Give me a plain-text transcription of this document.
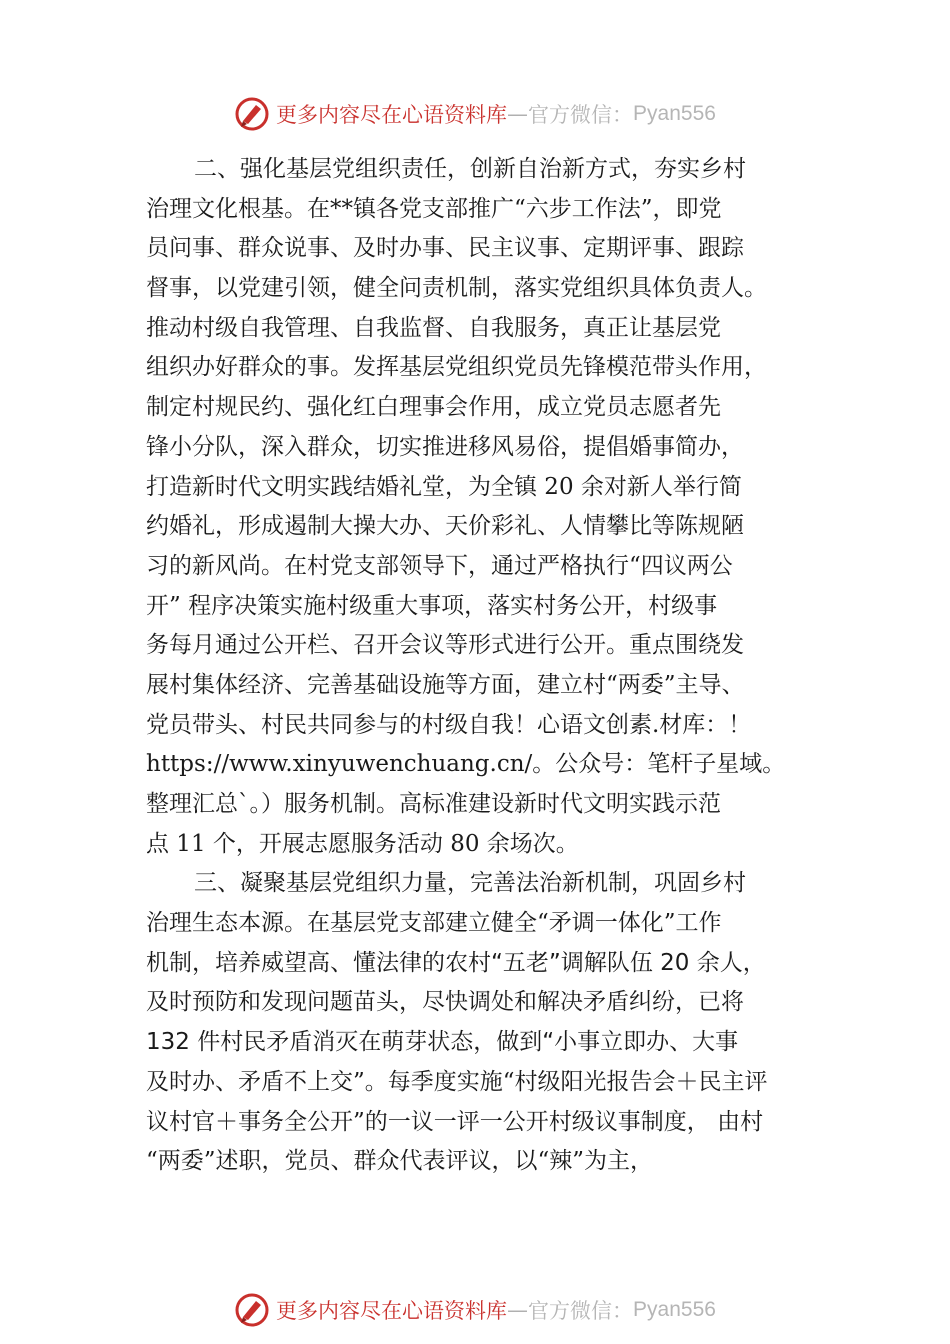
更多内容尽在心语资料库 — 官方微信： Pyan556
二、强化基层党组织责任，创新自治新方式，夯实乡村
治理文化根基。在**镇各党支部推广“六步工作法”，即党
员问事、群众说事、及时办事、民主议事、定期评事、跟踪
督事，以党建引领，健全问责机制，落实党组织具体负责人。
推动村级自我管理、自我监督、自我服务，真正让基层党
组织办好群众的事。发挥基层党组织党员先锋模范带头作用，
制定村规民约、强化红白理事会作用，成立党员志愿者先
锋小分队，深入群众，切实推进移风易俗，提倡婚事简办，
打造新时代文明实践结婚礼堂，为全镇 20 余对新人举行简
约婚礼，形成遏制大操大办、天价彩礼、人情攀比等陈规陋
习的新风尚。在村党支部领导下，通过严格执行“四议两公
开” 程序决策实施村级重大事项，落实村务公开，村级事
务每月通过公开栏、召开会议等形式进行公开。重点围绕发
展村集体经济、完善基础设施等方面，建立村“两委”主导、
党员带头、村民共同参与的村级自我！心语文创素.材库：！
https://www.xinyuwenchuang.cn/。公众号：笔杆子星域。
整理汇总`。）服务机制。高标准建设新时代文明实践示范
点 11 个，开展志愿服务活动 80 余场次。
三、凝聚基层党组织力量，完善法治新机制，巩固乡村
治理生态本源。在基层党支部建立健全“矛调一体化”工作
机制，培养威望高、懂法律的农村“五老”调解队伍 20 余人，
及时预防和发现问题苗头，尽快调处和解决矛盾纠纷，已将
132 件村民矛盾消灭在萌芽状态，做到“小事立即办、大事
及时办、矛盾不上交”。每季度实施“村级阳光报告会＋民主评
议村官＋事务全公开”的一议一评一公开村级议事制度， 由村
“两委”述职，党员、群众代表评议，以“辣”为主，
更多内容尽在心语资料库 — 官方微信： Pyan556
